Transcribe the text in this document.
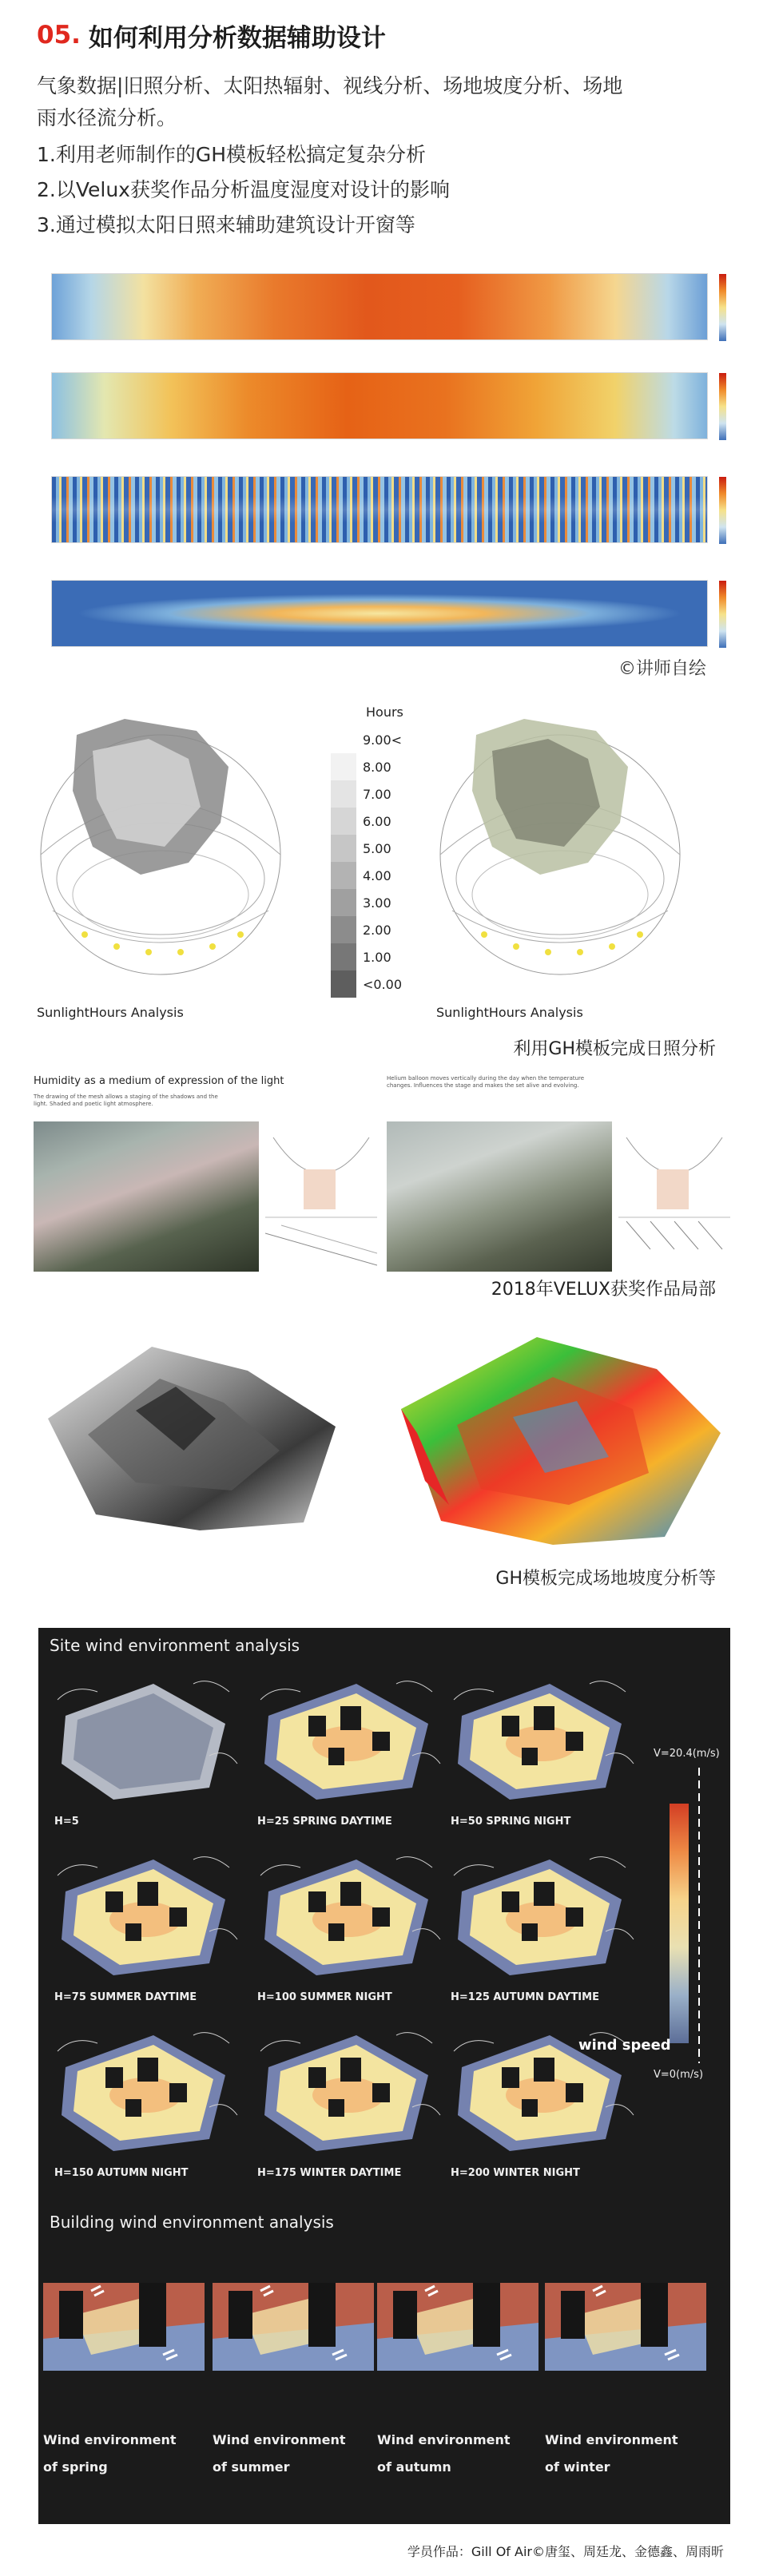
05. 如何利用分析数据辅助设计
气象数据|旧照分析、太阳热辐射、视线分析、场地坡度分析、场地
雨水径流分析。
1.利用老师制作的GH模板轻松搞定复杂分析
2.以Velux获奖作品分析温度湿度对设计的影响
3.通过模拟太阳日照来辅助建筑设计开窗等
©讲师自绘
Hours
9.00<
8.00
7.00
6.00
5.00
4.00
3.00
2.00
1.00
<0.00
SunlightHours Analysis	SunlightHours Analysis
利用GH模板完成日照分析
Humidity as a medium of expression of the light
The drawing of the mesh allows a staging of the shadows and the light. Shaded and poetic light atmosphere.
Helium balloon moves vertically during the day when the temperature changes. Influences the stage and makes the set alive and evolving.
2018年VELUX获奖作品局部
GH模板完成场地坡度分析等
Site wind environment analysis
H=5	H=25 SPRING DAYTIME	H=50 SPRING NIGHT
H=75 SUMMER DAYTIME	H=100 SUMMER NIGHT	H=125 AUTUMN DAYTIME
H=150 AUTUMN NIGHT	H=175 WINTER DAYTIME	H=200 WINTER NIGHT
V=20.4(m/s)
wind speed
V=0(m/s)
Building wind environment analysis
Wind environment
of spring
Wind environment
of summer
Wind environment
of autumn
Wind environment
of winter
学员作品：Gill Of Air©唐玺、周廷龙、金德鑫、周雨昕
